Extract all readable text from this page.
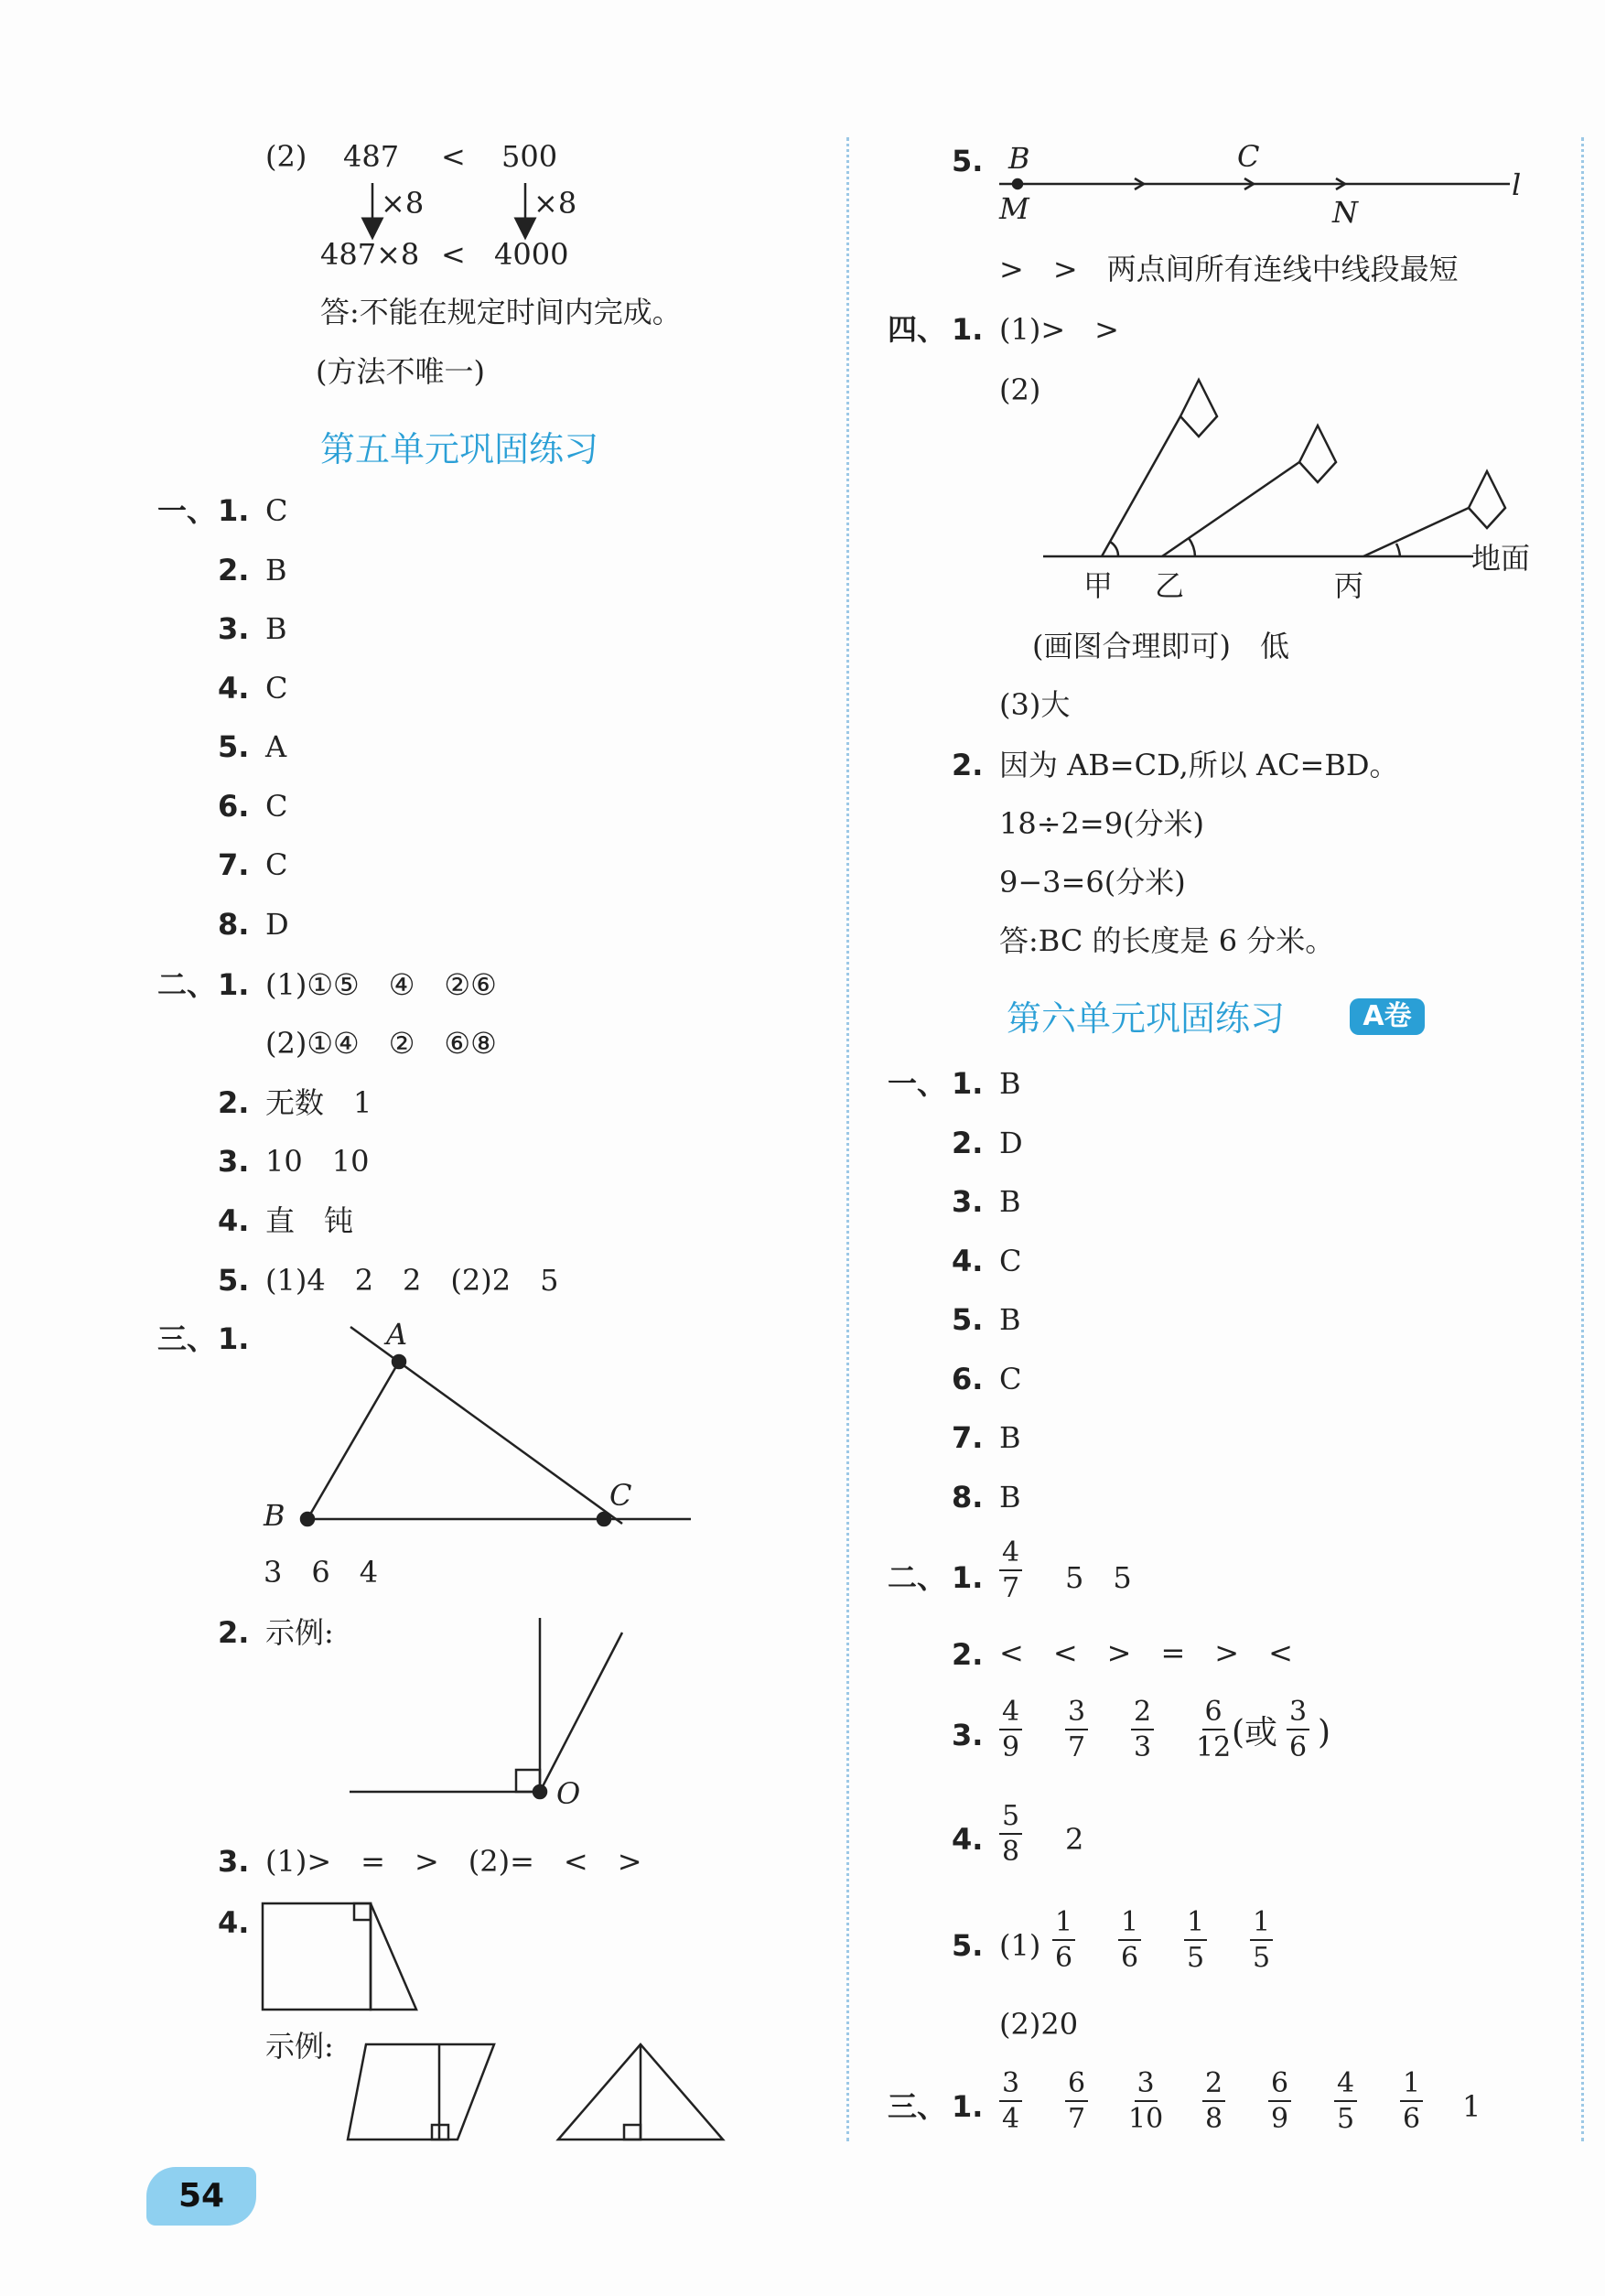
(2) 487 < 500
×8	×8
487×8 < 4000
答:不能在规定时间内完成。
(方法不唯一)
第五单元巩固练习
一、 1. C
2. B
3. B
4. C
5. A
6. C
7. C
8. D
二、 1. (1)①⑤　④　②⑥
(2)①④　②　⑥⑧
2. 无数　1
3. 10　10
4. 直　钝
5. (1)4　2　2　(2)2　5
三、 1.	A
B
C
3　6　4
2. 示例:
O
3. (1)>　=　>　(2)=　<　>
4.
示例:
5. B	C
M	N
l
>　>　两点间所有连线中线段最短
四、 1. (1)>　>
(2)
甲 乙	丙
地面
(画图合理即可)　低
(3)大
2. 因为 AB=CD,所以 AC=BD。
18÷2=9(分米)
9−3=6(分米)
答:BC 的长度是 6 分米。
第六单元巩固练习	A卷
一、 1. B
2. D
3. B
4. C
5. B
6. C
7. B
8. B
二、 1. $\frac{4}{7} 5$　5
2. <　<　>　=　>　<
3. $\frac{4}{9} \frac{3}{7} \frac{2}{3} \frac{6}{12}$
(或 $\frac{3}{6}$ )
4. $\frac{5}{8} 2$
5. $(1) \frac{1}{6} \frac{1}{6} \frac{1}{5} \frac{1}{5}$
(2)20
三、 1. $\frac{3}{4} \frac{6}{7} \frac{3}{10} \frac{2}{8} \frac{6}{9} \frac{4}{5} \frac{1}{6} 1$
54
